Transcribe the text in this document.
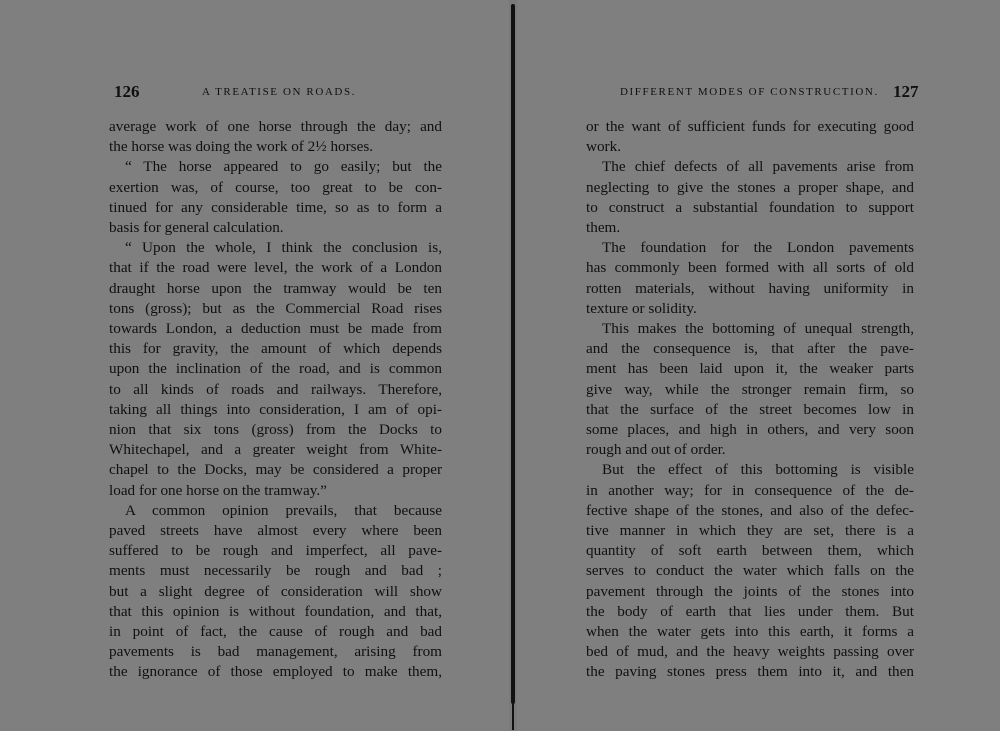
126	A TREATISE ON ROADS.
average work of one horse through the day; and
the horse was doing the work of 2½ horses.
“ The horse appeared to go easily; but the
exertion was, of course, too great to be con-
tinued for any considerable time, so as to form a
basis for general calculation.
“ Upon the whole, I think the conclusion is,
that if the road were level, the work of a London
draught horse upon the tramway would be ten
tons (gross); but as the Commercial Road rises
towards London, a deduction must be made from
this for gravity, the amount of which depends
upon the inclination of the road, and is common
to all kinds of roads and railways. Therefore,
taking all things into consideration, I am of opi-
nion that six tons (gross) from the Docks to
Whitechapel, and a greater weight from White-
chapel to the Docks, may be considered a proper
load for one horse on the tramway.”
A common opinion prevails, that because
paved streets have almost every where been
suffered to be rough and imperfect, all pave-
ments must necessarily be rough and bad ;
but a slight degree of consideration will show
that this opinion is without foundation, and that,
in point of fact, the cause of rough and bad
pavements is bad management, arising from
the ignorance of those employed to make them,
DIFFERENT MODES OF CONSTRUCTION. 127
or the want of sufficient funds for executing good
work.
The chief defects of all pavements arise from
neglecting to give the stones a proper shape, and
to construct a substantial foundation to support
them.
The foundation for the London pavements
has commonly been formed with all sorts of old
rotten materials, without having uniformity in
texture or solidity.
This makes the bottoming of unequal strength,
and the consequence is, that after the pave-
ment has been laid upon it, the weaker parts
give way, while the stronger remain firm, so
that the surface of the street becomes low in
some places, and high in others, and very soon
rough and out of order.
But the effect of this bottoming is visible
in another way; for in consequence of the de-
fective shape of the stones, and also of the defec-
tive manner in which they are set, there is a
quantity of soft earth between them, which
serves to conduct the water which falls on the
pavement through the joints of the stones into
the body of earth that lies under them. But
when the water gets into this earth, it forms a
bed of mud, and the heavy weights passing over
the paving stones press them into it, and then
